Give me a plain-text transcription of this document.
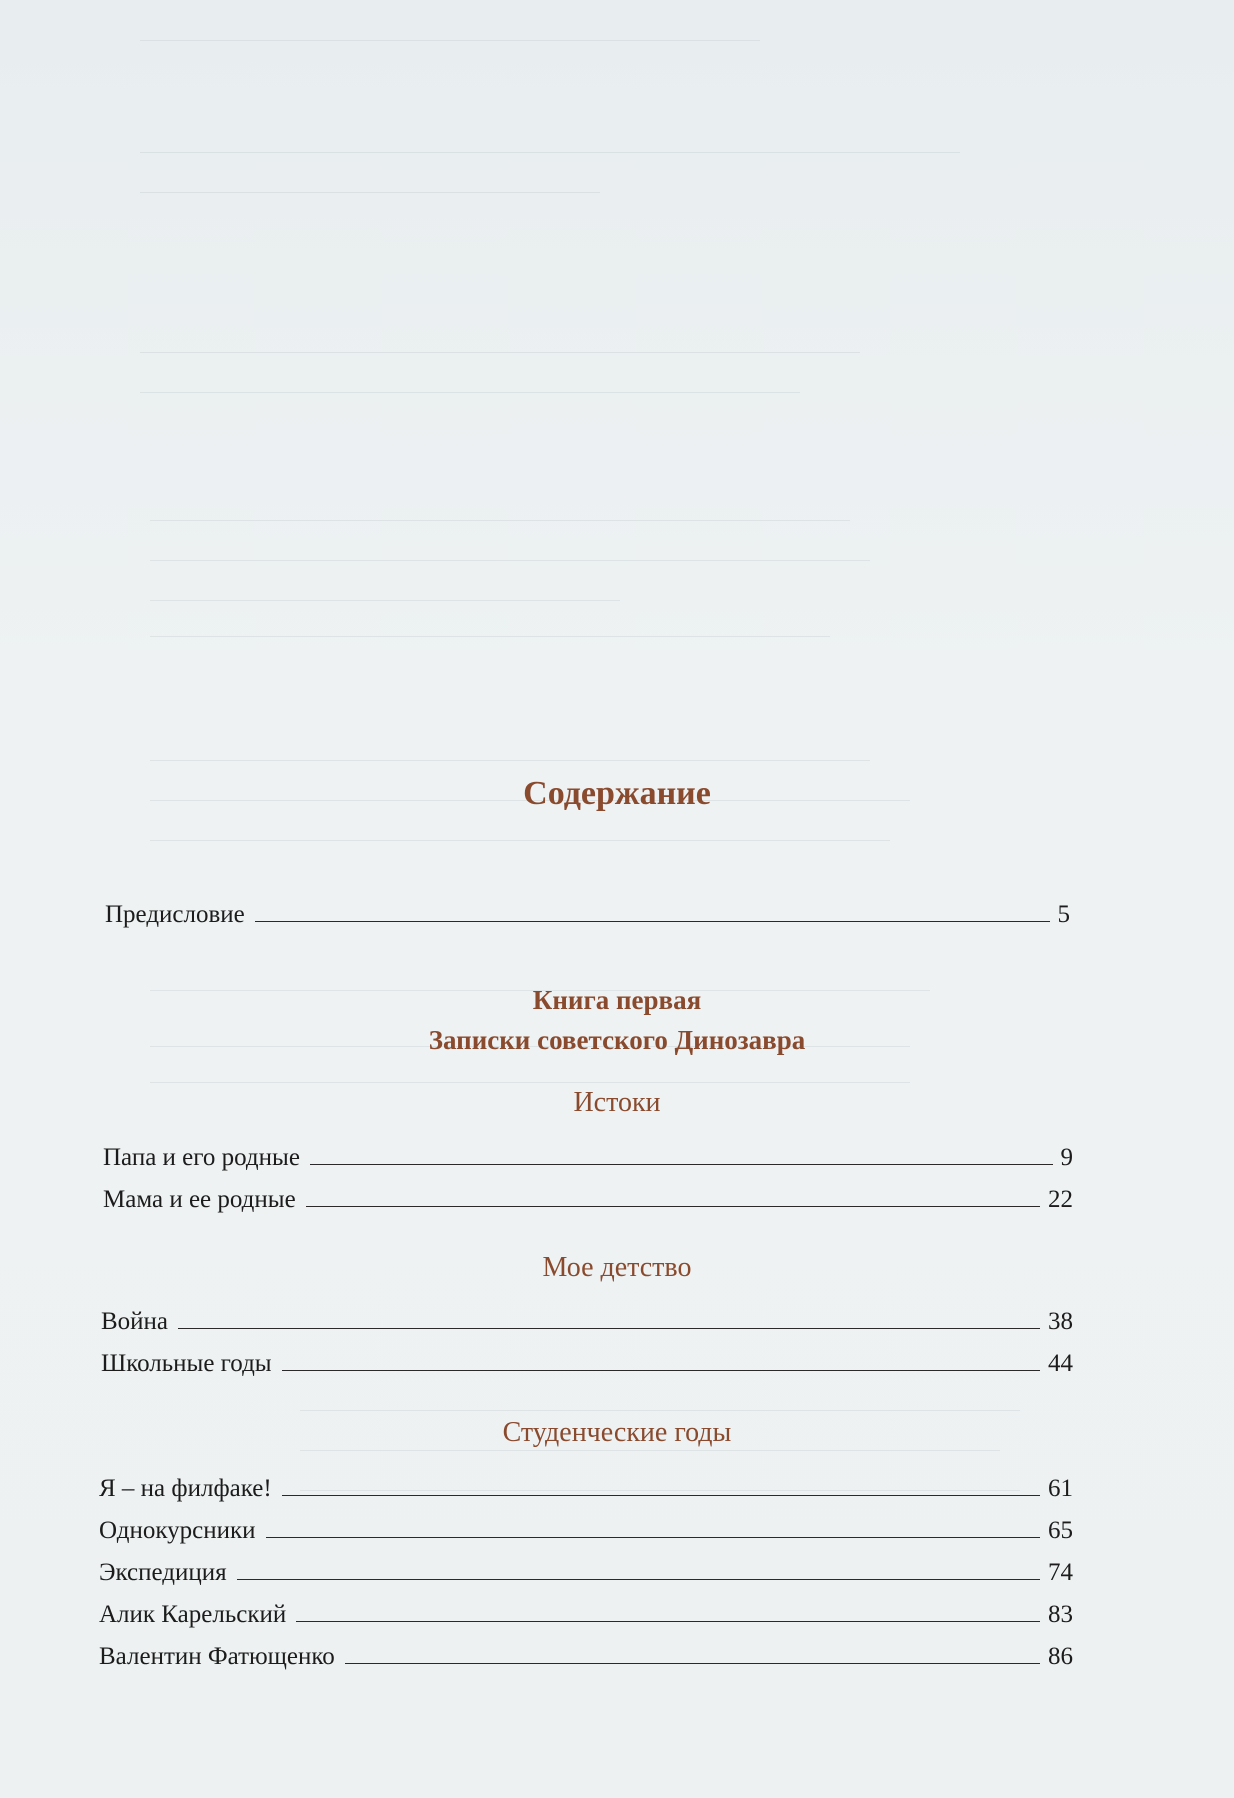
Содержание
Предисловие	5
Книга первая
Записки советского Динозавра
Истоки
Папа и его родные	9
Мама и ее родные	22
Мое детство
Война	38
Школьные годы	44
Студенческие годы
Я – на филфаке!	61
Однокурсники	65
Экспедиция	74
Алик Карельский	83
Валентин Фатющенко	86
